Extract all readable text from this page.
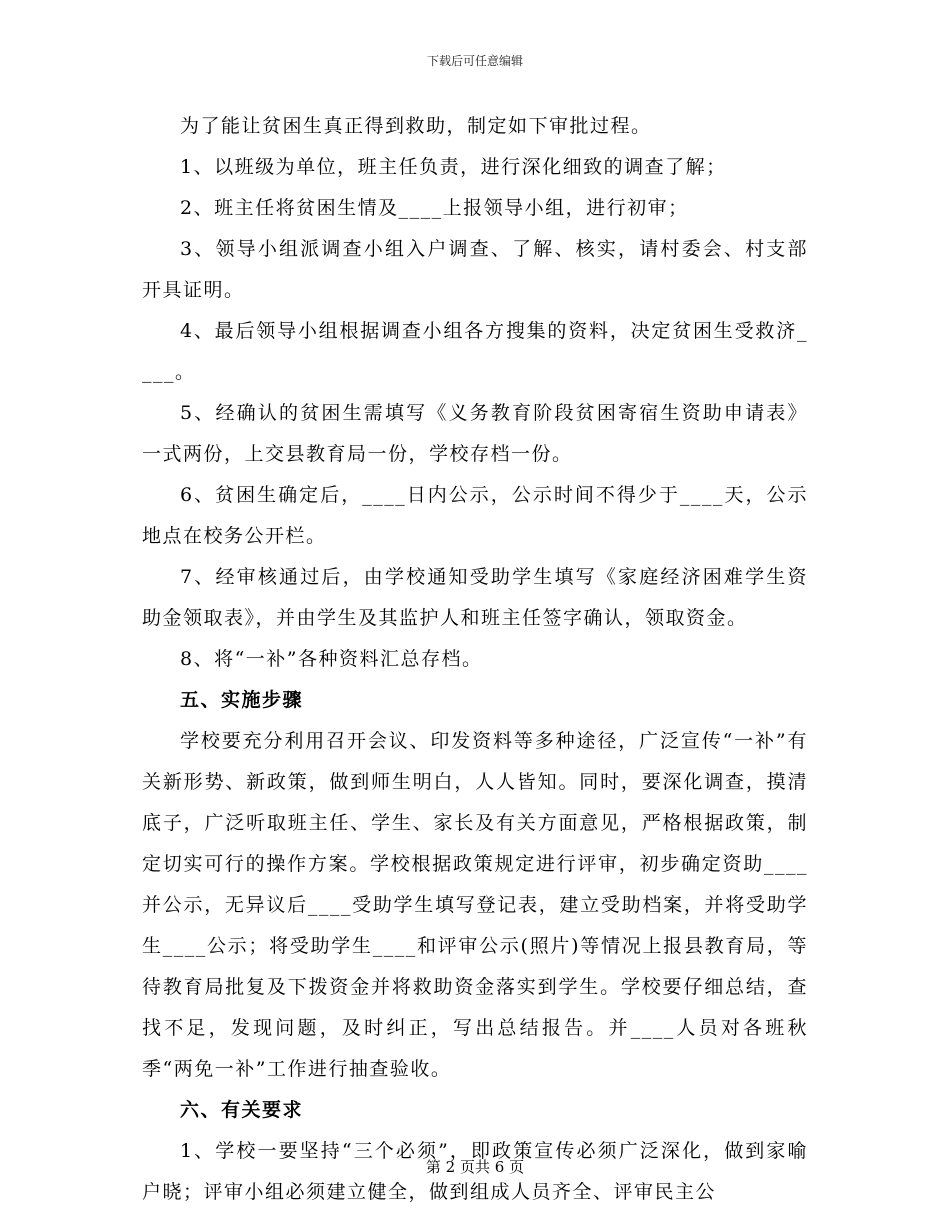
下载后可任意编辑

为了能让贫困生真正得到救助，制定如下审批过程。

1、以班级为单位，班主任负责，进行深化细致的调查了解；

2、班主任将贫困生情及____上报领导小组，进行初审；

3、领导小组派调查小组入户调查、了解、核实，请村委会、村支部开具证明。

4、最后领导小组根据调查小组各方搜集的资料，决定贫困生受救济____。

5、经确认的贫困生需填写《义务教育阶段贫困寄宿生资助申请表》一式两份，上交县教育局一份，学校存档一份。

6、贫困生确定后，____日内公示，公示时间不得少于____天，公示地点在校务公开栏。

7、经审核通过后，由学校通知受助学生填写《家庭经济困难学生资助金领取表》，并由学生及其监护人和班主任签字确认，领取资金。

8、将“一补”各种资料汇总存档。

五、实施步骤

学校要充分利用召开会议、印发资料等多种途径，广泛宣传“一补”有关新形势、新政策，做到师生明白，人人皆知。同时，要深化调查，摸清底子，广泛听取班主任、学生、家长及有关方面意见，严格根据政策，制定切实可行的操作方案。学校根据政策规定进行评审，初步确定资助____并公示，无异议后____受助学生填写登记表，建立受助档案，并将受助学生____公示；将受助学生____和评审公示(照片)等情况上报县教育局，等待教育局批复及下拨资金并将救助资金落实到学生。学校要仔细总结，查找不足，发现问题，及时纠正，写出总结报告。并____人员对各班秋季“两免一补”工作进行抽查验收。

六、有关要求

1、学校一要坚持“三个必须”，即政策宣传必须广泛深化，做到家喻户晓；评审小组必须建立健全，做到组成人员齐全、评审民主公

第 2 页共 6 页
